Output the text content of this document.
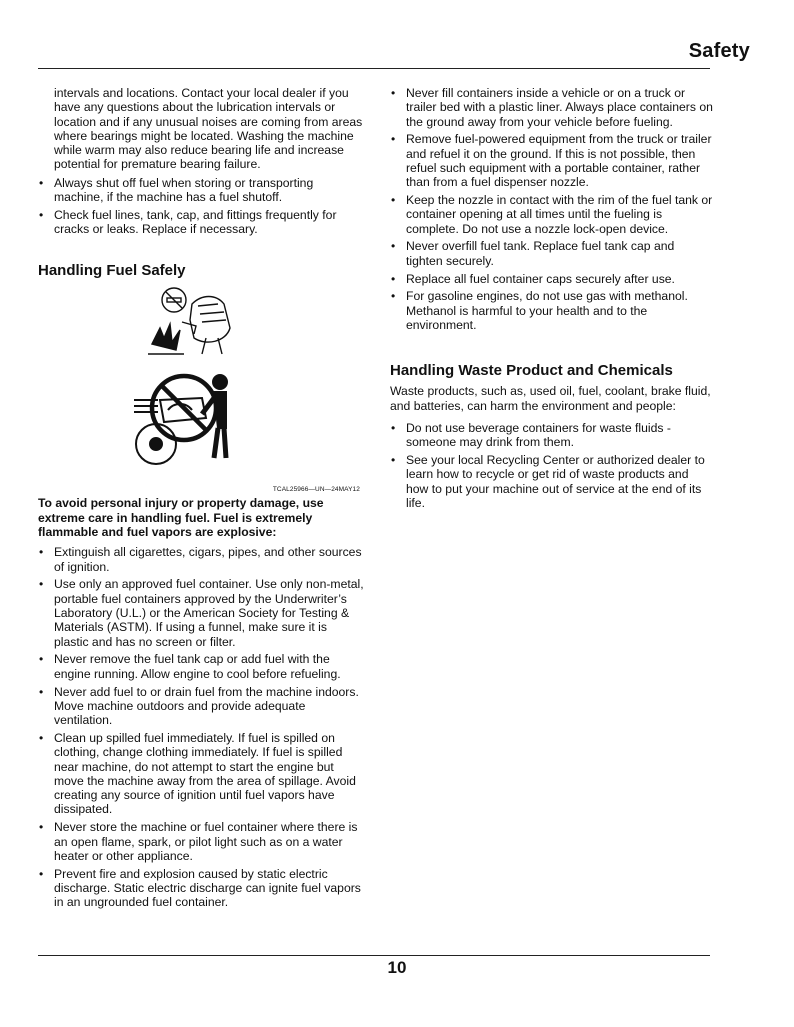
Safety

intervals and locations. Contact your local dealer if you have any questions about the lubrication intervals or location and if any unusual noises are coming from areas where bearings might be located. Washing the machine while warm may also reduce bearing life and increase potential for premature bearing failure.

• Always shut off fuel when storing or transporting machine, if the machine has a fuel shutoff.
• Check fuel lines, tank, cap, and fittings frequently for cracks or leaks. Replace if necessary.
Handling Fuel Safely
TCAL25966—UN—24MAY12

To avoid personal injury or property damage, use extreme care in handling fuel. Fuel is extremely flammable and fuel vapors are explosive:

• Extinguish all cigarettes, cigars, pipes, and other sources of ignition.
• Use only an approved fuel container. Use only non-metal, portable fuel containers approved by the Underwriter’s Laboratory (U.L.) or the American Society for Testing & Materials (ASTM). If using a funnel, make sure it is plastic and has no screen or filter.
• Never remove the fuel tank cap or add fuel with the engine running. Allow engine to cool before refueling.
• Never add fuel to or drain fuel from the machine indoors. Move machine outdoors and provide adequate ventilation.
• Clean up spilled fuel immediately. If fuel is spilled on clothing, change clothing immediately. If fuel is spilled near machine, do not attempt to start the engine but move the machine away from the area of spillage. Avoid creating any source of ignition until fuel vapors have dissipated.
• Never store the machine or fuel container where there is an open flame, spark, or pilot light such as on a water heater or other appliance.
• Prevent fire and explosion caused by static electric discharge. Static electric discharge can ignite fuel vapors in an ungrounded fuel container.
• Never fill containers inside a vehicle or on a truck or trailer bed with a plastic liner. Always place containers on the ground away from your vehicle before fueling.
• Remove fuel-powered equipment from the truck or trailer and refuel it on the ground. If this is not possible, then refuel such equipment with a portable container, rather than from a fuel dispenser nozzle.
• Keep the nozzle in contact with the rim of the fuel tank or container opening at all times until the fueling is complete. Do not use a nozzle lock-open device.
• Never overfill fuel tank. Replace fuel tank cap and tighten securely.
• Replace all fuel container caps securely after use.
• For gasoline engines, do not use gas with methanol. Methanol is harmful to your health and to the environment.
Handling Waste Product and Chemicals

Waste products, such as, used oil, fuel, coolant, brake fluid, and batteries, can harm the environment and people:

• Do not use beverage containers for waste fluids - someone may drink from them.
• See your local Recycling Center or authorized dealer to learn how to recycle or get rid of waste products and how to put your machine out of service at the end of its life.
10
